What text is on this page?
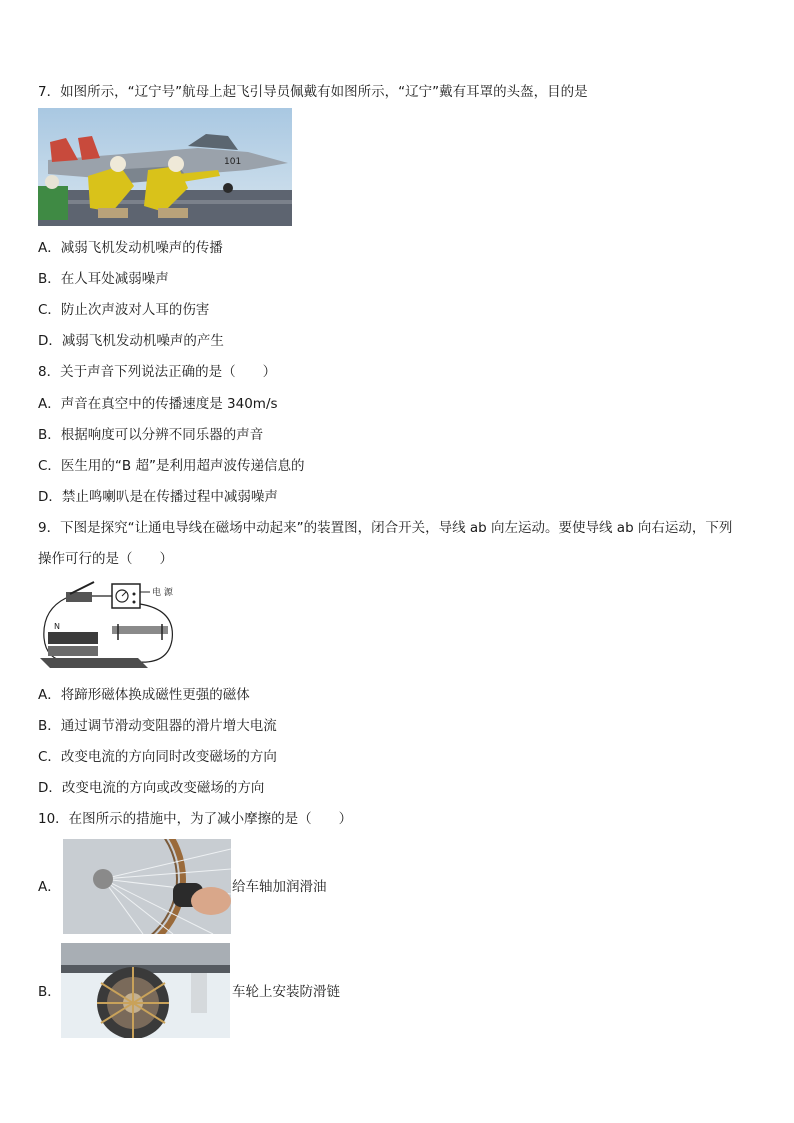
7．如图所示，“辽宁号”航母上起飞引导员佩戴有如图所示，“辽宁”戴有耳罩的头盔，目的是
101
A．减弱飞机发动机噪声的传播
B．在人耳处减弱噪声
C．防止次声波对人耳的伤害
D．减弱飞机发动机噪声的产生
8．关于声音下列说法正确的是（　　）
A．声音在真空中的传播速度是 340m/s
B．根据响度可以分辨不同乐器的声音
C．医生用的“B 超”是利用超声波传递信息的
D．禁止鸣喇叭是在传播过程中减弱噪声
9．下图是探究“让通电导线在磁场中动起来”的装置图，闭合开关，导线 ab 向左运动。要使导线 ab 向右运动，下列
操作可行的是（　　）
电 源
N
A．将蹄形磁体换成磁性更强的磁体
B．通过调节滑动变阻器的滑片增大电流
C．改变电流的方向同时改变磁场的方向
D．改变电流的方向或改变磁场的方向
10．在图所示的措施中，为了减小摩擦的是（　　）
A．	给车轴加润滑油
B．	车轮上安装防滑链
